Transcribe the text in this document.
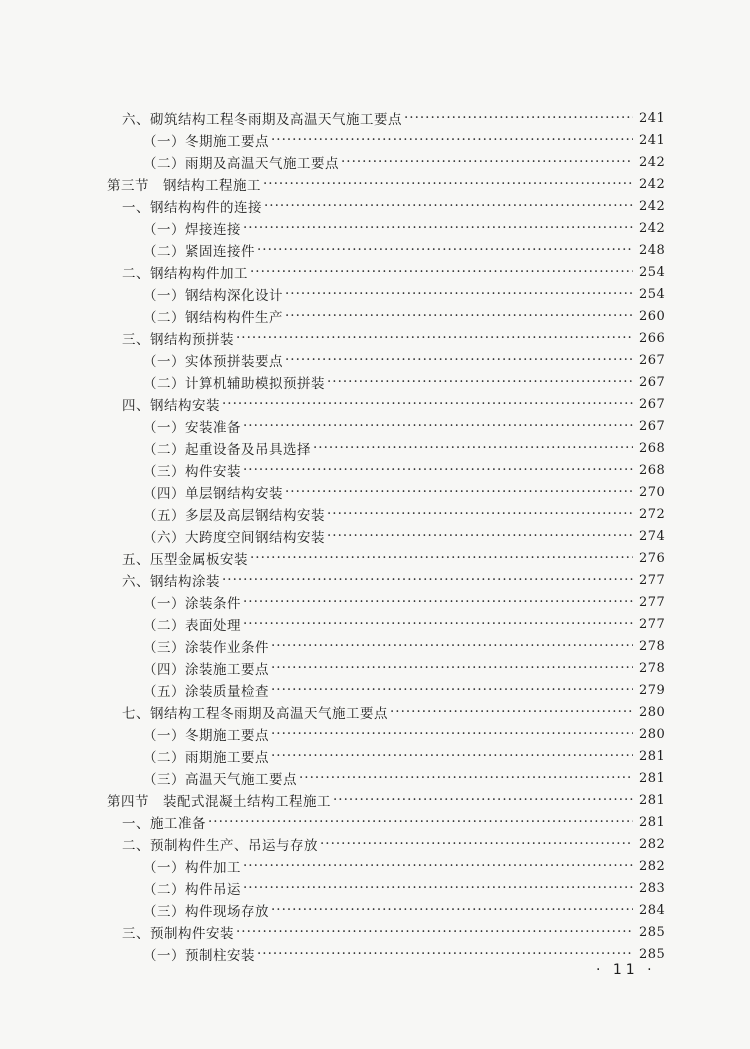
六、砌筑结构工程冬雨期及高温天气施工要点 ·····	241
（一）冬期施工要点 ·····	241
（二）雨期及高温天气施工要点 ·····	242
第三节　钢结构工程施工 ·····	242
一、钢结构构件的连接 ·····	242
（一）焊接连接 ·····	242
（二）紧固连接件 ·····	248
二、钢结构构件加工 ·····	254
（一）钢结构深化设计 ·····	254
（二）钢结构构件生产 ·····	260
三、钢结构预拼装 ·····	266
（一）实体预拼装要点 ·····	267
（二）计算机辅助模拟预拼装 ·····	267
四、钢结构安装 ·····	267
（一）安装准备 ·····	267
（二）起重设备及吊具选择 ·····	268
（三）构件安装 ·····	268
（四）单层钢结构安装 ·····	270
（五）多层及高层钢结构安装 ·····	272
（六）大跨度空间钢结构安装 ·····	274
五、压型金属板安装 ·····	276
六、钢结构涂装 ·····	277
（一）涂装条件 ·····	277
（二）表面处理 ·····	277
（三）涂装作业条件 ·····	278
（四）涂装施工要点 ·····	278
（五）涂装质量检查 ·····	279
七、钢结构工程冬雨期及高温天气施工要点 ·····	280
（一）冬期施工要点 ·····	280
（二）雨期施工要点 ·····	281
（三）高温天气施工要点 ·····	281
第四节　装配式混凝土结构工程施工 ·····	281
一、施工准备 ·····	281
二、预制构件生产、吊运与存放 ·····	282
（一）构件加工 ·····	282
（二）构件吊运 ·····	283
（三）构件现场存放 ·····	284
三、预制构件安装 ·····	285
（一）预制柱安装 ·····	285
· 11 ·
